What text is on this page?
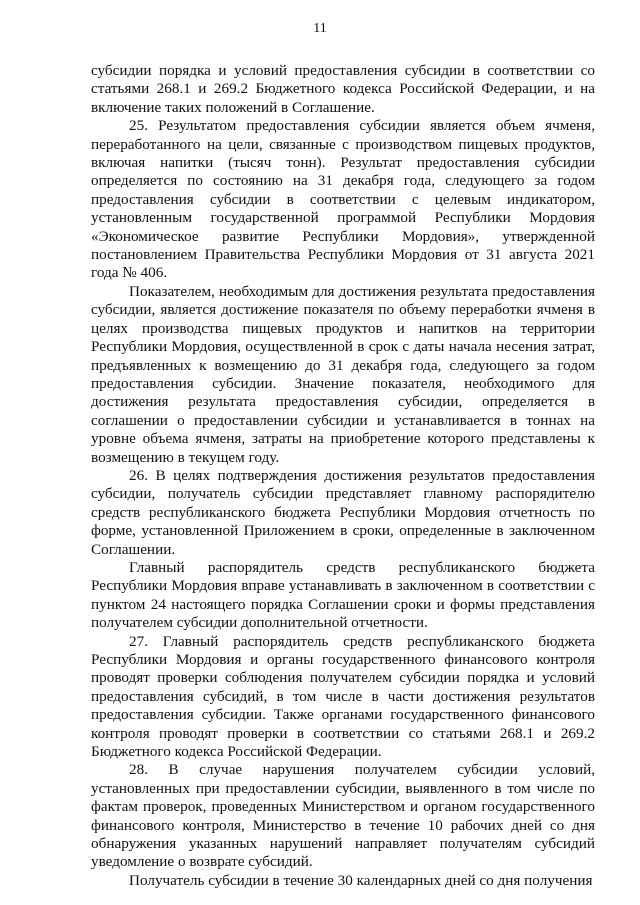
11

субсидии порядка и условий предоставления субсидии в соответствии со статьями 268.1 и 269.2 Бюджетного кодекса Российской Федерации, и на включение таких положений в Соглашение.

25. Результатом предоставления субсидии является объем ячменя, переработанного на цели, связанные с производством пищевых продуктов, включая напитки (тысяч тонн). Результат предоставления субсидии определяется по состоянию на 31 декабря года, следующего за годом предоставления субсидии в соответствии с целевым индикатором, установленным государственной программой Республики Мордовия «Экономическое развитие Республики Мордовия», утвержденной постановлением Правительства Республики Мордовия от 31 августа 2021 года № 406.

Показателем, необходимым для достижения результата предоставления субсидии, является достижение показателя по объему переработки ячменя в целях производства пищевых продуктов и напитков на территории Республики Мордовия, осуществленной в срок с даты начала несения затрат, предъявленных к возмещению до 31 декабря года, следующего за годом предоставления субсидии. Значение показателя, необходимого для достижения результата предоставления субсидии, определяется в соглашении о предоставлении субсидии и устанавливается в тоннах на уровне объема ячменя, затраты на приобретение которого представлены к возмещению в текущем году.

26. В целях подтверждения достижения результатов предоставления субсидии, получатель субсидии представляет главному распорядителю средств республиканского бюджета Республики Мордовия отчетность по форме, установленной Приложением в сроки, определенные в заключенном Соглашении.

Главный распорядитель средств республиканского бюджета Республики Мордовия вправе устанавливать в заключенном в соответствии с пунктом 24 настоящего порядка Соглашении сроки и формы представления получателем субсидии дополнительной отчетности.

27. Главный распорядитель средств республиканского бюджета Республики Мордовия и органы государственного финансового контроля проводят проверки соблюдения получателем субсидии порядка и условий предоставления субсидий, в том числе в части достижения результатов предоставления субсидии. Также органами государственного финансового контроля проводят проверки в соответствии со статьями 268.1 и 269.2 Бюджетного кодекса Российской Федерации.

28. В случае нарушения получателем субсидии условий, установленных при предоставлении субсидии, выявленного в том числе по фактам проверок, проведенных Министерством и органом государственного финансового контроля, Министерство в течение 10 рабочих дней со дня обнаружения указанных нарушений направляет получателям субсидий уведомление о возврате субсидий.

Получатель субсидии в течение 30 календарных дней со дня получения
